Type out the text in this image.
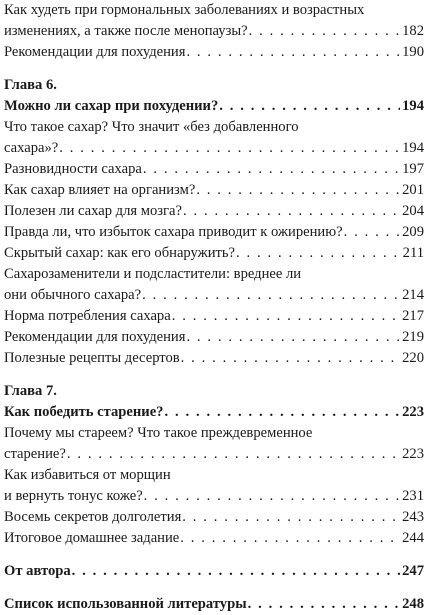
Как худеть при гормональных заболеваниях и возрастных
изменениях, а также после менопаузы? . . .	182
Рекомендации для похудения . . .	190
Глава 6.
Можно ли сахар при похудении? . . .	194
Что такое сахар? Что значит «без добавленного
сахара»? . . .	194
Разновидности сахара . . .	197
Как сахар влияет на организм? . . .	201
Полезен ли сахар для мозга? . . .	204
Правда ли, что избыток сахара приводит к ожирению? . . .	209
Скрытый сахар: как его обнаружить? . . .	211
Сахарозаменители и подсластители: вреднее ли
они обычного сахара? . . .	214
Норма потребления сахара . . .	217
Рекомендации для похудения . . .	219
Полезные рецепты десертов . . .	220
Глава 7.
Как победить старение? . . .	223
Почему мы стареем? Что такое преждевременное
старение? . . .	223
Как избавиться от морщин
и вернуть тонус коже? . . .	231
Восемь секретов долголетия . . .	243
Итоговое домашнее задание . . .	244
От автора . . .	247
Список использованной литературы . . .	248
